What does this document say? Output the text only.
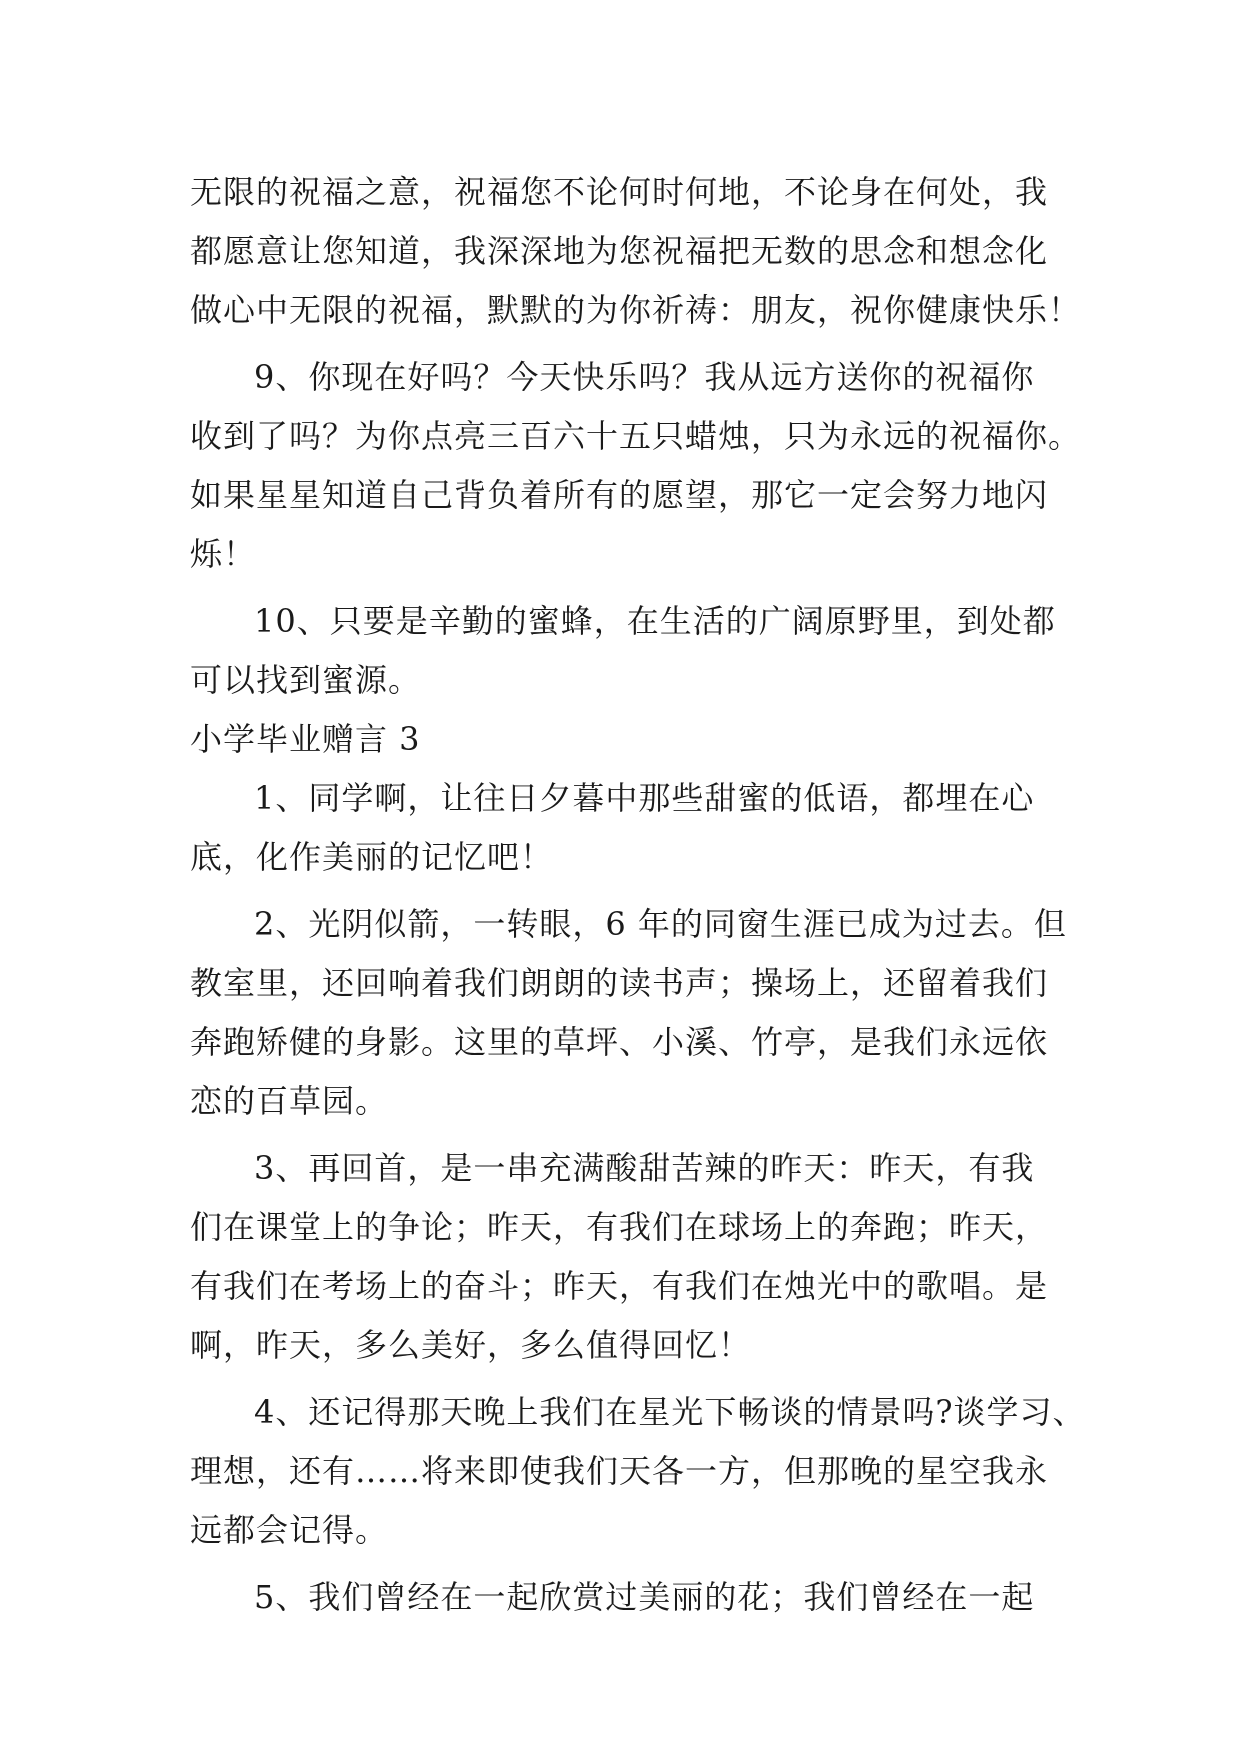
无限的祝福之意，祝福您不论何时何地，不论身在何处，我
都愿意让您知道，我深深地为您祝福把无数的思念和想念化
做心中无限的祝福，默默的为你祈祷：朋友，祝你健康快乐！
9、你现在好吗？今天快乐吗？我从远方送你的祝福你
收到了吗？为你点亮三百六十五只蜡烛，只为永远的祝福你。
如果星星知道自己背负着所有的愿望，那它一定会努力地闪
烁！
10、只要是辛勤的蜜蜂，在生活的广阔原野里，到处都
可以找到蜜源。
小学毕业赠言 3
1、同学啊，让往日夕暮中那些甜蜜的低语，都埋在心
底，化作美丽的记忆吧！
2、光阴似箭，一转眼，6 年的同窗生涯已成为过去。但
教室里，还回响着我们朗朗的读书声；操场上，还留着我们
奔跑矫健的身影。这里的草坪、小溪、竹亭，是我们永远依
恋的百草园。
3、再回首，是一串充满酸甜苦辣的昨天：昨天，有我
们在课堂上的争论；昨天，有我们在球场上的奔跑；昨天，
有我们在考场上的奋斗；昨天，有我们在烛光中的歌唱。是
啊，昨天，多么美好，多么值得回忆！
4、还记得那天晚上我们在星光下畅谈的情景吗?谈学习、
理想，还有……将来即使我们天各一方，但那晚的星空我永
远都会记得。
5、我们曾经在一起欣赏过美丽的花；我们曾经在一起
